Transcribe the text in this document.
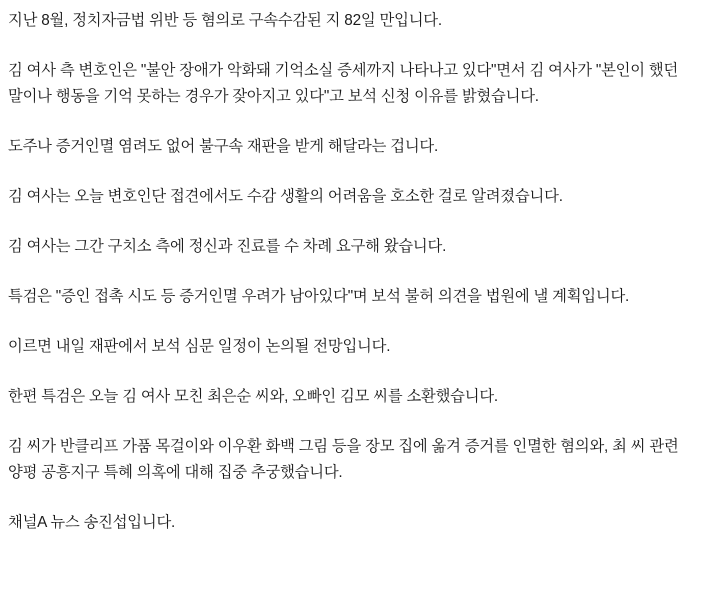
지난 8월, 정치자금법 위반 등 혐의로 구속수감된 지 82일 만입니다.

김 여사 측 변호인은 "불안 장애가 악화돼 기억소실 증세까지 나타나고 있다"면서 김 여사가 "본인이 했던 말이나 행동을 기억 못하는 경우가 잦아지고 있다"고 보석 신청 이유를 밝혔습니다.

도주나 증거인멸 염려도 없어 불구속 재판을 받게 해달라는 겁니다.

김 여사는 오늘 변호인단 접견에서도 수감 생활의 어려움을 호소한 걸로 알려졌습니다.

김 여사는 그간 구치소 측에 정신과 진료를 수 차례 요구해 왔습니다.

특검은 "증인 접촉 시도 등 증거인멸 우려가 남아있다"며 보석 불허 의견을 법원에 낼 계획입니다.

이르면 내일 재판에서 보석 심문 일정이 논의될 전망입니다.

한편 특검은 오늘 김 여사 모친 최은순 씨와, 오빠인 김모 씨를 소환했습니다.

김 씨가 반클리프 가품 목걸이와 이우환 화백 그림 등을 장모 집에 옮겨 증거를 인멸한 혐의와, 최 씨 관련 양평 공흥지구 특혜 의혹에 대해 집중 추궁했습니다.

채널A 뉴스 송진섭입니다.
